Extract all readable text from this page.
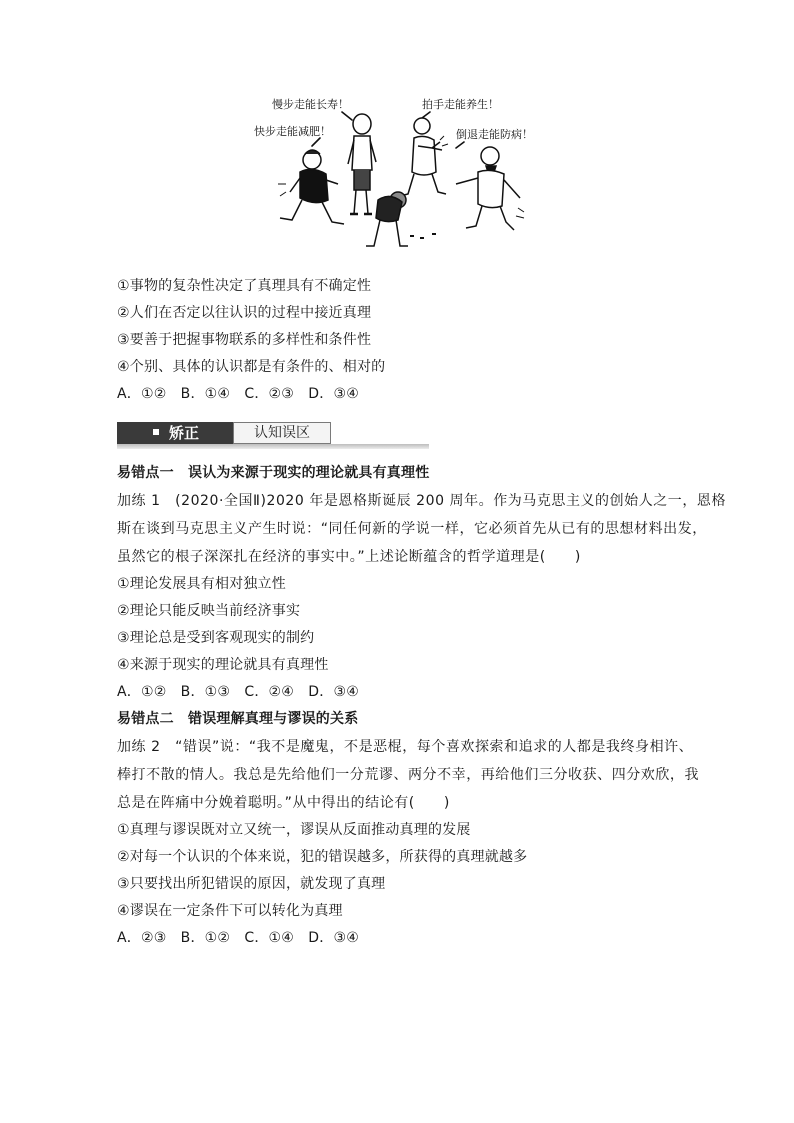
慢步走能长寿！	拍手走能养生！
快步走能减肥！	倒退走能防病！
①事物的复杂性决定了真理具有不确定性
②人们在否定以往认识的过程中接近真理
③要善于把握事物联系的多样性和条件性
④个别、具体的认识都是有条件的、相对的
A．①②　B．①④　C．②③　D．③④
矫正	认知误区
易错点一　误认为来源于现实的理论就具有真理性
加练 1　(2020·全国Ⅱ)2020 年是恩格斯诞辰 200 周年。作为马克思主义的创始人之一，恩格
斯在谈到马克思主义产生时说：“同任何新的学说一样，它必须首先从已有的思想材料出发，
虽然它的根子深深扎在经济的事实中。”上述论断蕴含的哲学道理是(　　)
①理论发展具有相对独立性
②理论只能反映当前经济事实
③理论总是受到客观现实的制约
④来源于现实的理论就具有真理性
A．①②　B．①③　C．②④　D．③④
易错点二　错误理解真理与谬误的关系
加练 2　“错误”说：“我不是魔鬼，不是恶棍，每个喜欢探索和追求的人都是我终身相许、
棒打不散的情人。我总是先给他们一分荒谬、两分不幸，再给他们三分收获、四分欢欣，我
总是在阵痛中分娩着聪明。”从中得出的结论有(　　)
①真理与谬误既对立又统一，谬误从反面推动真理的发展
②对每一个认识的个体来说，犯的错误越多，所获得的真理就越多
③只要找出所犯错误的原因，就发现了真理
④谬误在一定条件下可以转化为真理
A．②③　B．①②　C．①④　D．③④
